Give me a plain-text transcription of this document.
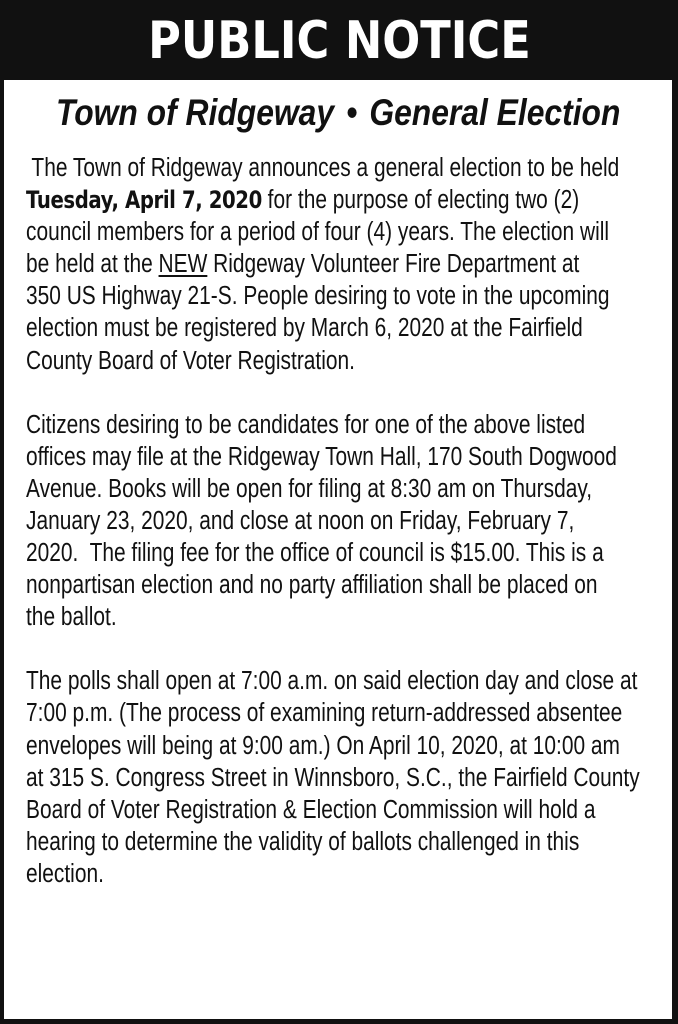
PUBLIC NOTICE
Town of Ridgeway • General Election
The Town of Ridgeway announces a general election to be held
Tuesday, April 7, 2020 for the purpose of electing two (2)
council members for a period of four (4) years. The election will
be held at the NEW Ridgeway Volunteer Fire Department at
350 US Highway 21-S. People desiring to vote in the upcoming
election must be registered by March 6, 2020 at the Fairfield
County Board of Voter Registration.
Citizens desiring to be candidates for one of the above listed
offices may file at the Ridgeway Town Hall, 170 South Dogwood
Avenue. Books will be open for filing at 8:30 am on Thursday,
January 23, 2020, and close at noon on Friday, February 7,
2020.  The filing fee for the office of council is $15.00. This is a
nonpartisan election and no party affiliation shall be placed on
the ballot.
The polls shall open at 7:00 a.m. on said election day and close at
7:00 p.m. (The process of examining return-addressed absentee
envelopes will being at 9:00 am.) On April 10, 2020, at 10:00 am
at 315 S. Congress Street in Winnsboro, S.C., the Fairfield County
Board of Voter Registration & Election Commission will hold a
hearing to determine the validity of ballots challenged in this
election.
